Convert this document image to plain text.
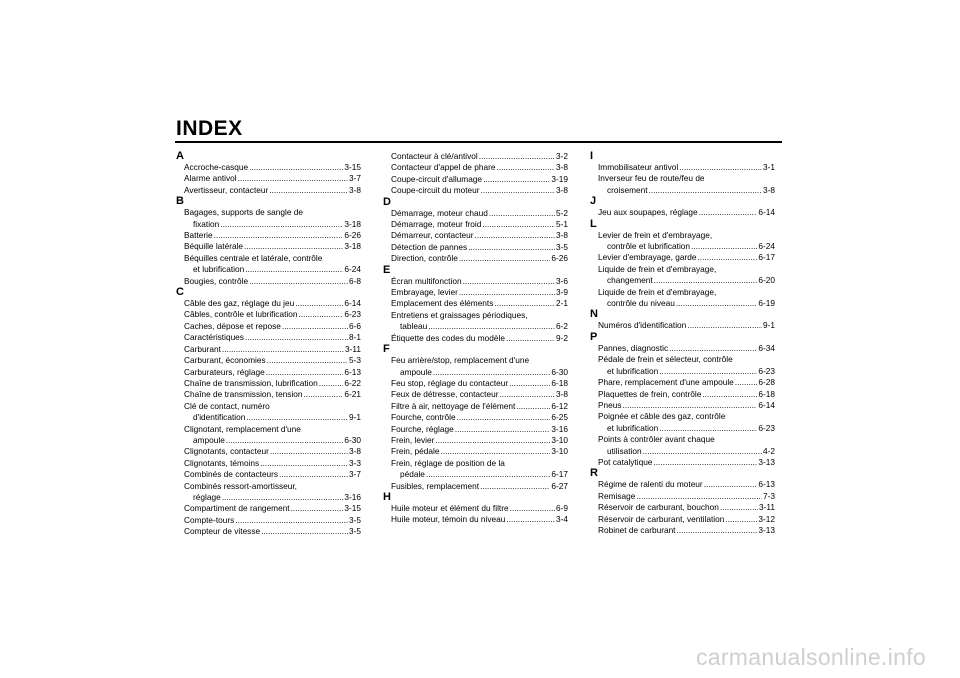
INDEX
A
Accroche-casque .....	3-15
Alarme antivol .....	3-7
Avertisseur, contacteur .....	3-8
B
Bagages, supports de sangle de
fixation .....	3-18
Batterie .....	6-26
Béquille latérale .....	3-18
Béquilles centrale et latérale, contrôle
et lubrification .....	6-24
Bougies, contrôle .....	6-8
C
Câble des gaz, réglage du jeu .....	6-14
Câbles, contrôle et lubrification .....	6-23
Caches, dépose et repose .....	6-6
Caractéristiques .....	8-1
Carburant .....	3-11
Carburant, économies .....	5-3
Carburateurs, réglage .....	6-13
Chaîne de transmission, lubrification .....	6-22
Chaîne de transmission, tension .....	6-21
Clé de contact, numéro
d'identification .....	9-1
Clignotant, remplacement d'une
ampoule .....	6-30
Clignotants, contacteur .....	3-8
Clignotants, témoins .....	3-3
Combinés de contacteurs .....	3-7
Combinés ressort-amortisseur,
réglage .....	3-16
Compartiment de rangement .....	3-15
Compte-tours .....	3-5
Compteur de vitesse .....	3-5
Contacteur à clé/antivol .....	3-2
Contacteur d'appel de phare .....	3-8
Coupe-circuit d'allumage .....	3-19
Coupe-circuit du moteur .....	3-8
D
Démarrage, moteur chaud .....	5-2
Démarrage, moteur froid .....	5-1
Démarreur, contacteur .....	3-8
Détection de pannes .....	3-5
Direction, contrôle .....	6-26
E
Écran multifonction .....	3-6
Embrayage, levier .....	3-9
Emplacement des éléments .....	2-1
Entretiens et graissages périodiques,
tableau .....	6-2
Étiquette des codes du modèle .....	9-2
F
Feu arrière/stop, remplacement d'une
ampoule .....	6-30
Feu stop, réglage du contacteur .....	6-18
Feux de détresse, contacteur .....	3-8
Filtre à air, nettoyage de l'élément .....	6-12
Fourche, contrôle .....	6-25
Fourche, réglage .....	3-16
Frein, levier .....	3-10
Frein, pédale .....	3-10
Frein, réglage de position de la
pédale .....	6-17
Fusibles, remplacement .....	6-27
H
Huile moteur et élément du filtre .....	6-9
Huile moteur, témoin du niveau .....	3-4
I
Immobilisateur antivol .....	3-1
Inverseur feu de route/feu de
croisement .....	3-8
J
Jeu aux soupapes, réglage .....	6-14
L
Levier de frein et d'embrayage,
contrôle et lubrification .....	6-24
Levier d'embrayage, garde .....	6-17
Liquide de frein et d'embrayage,
changement .....	6-20
Liquide de frein et d'embrayage,
contrôle du niveau .....	6-19
N
Numéros d'identification .....	9-1
P
Pannes, diagnostic .....	6-34
Pédale de frein et sélecteur, contrôle
et lubrification .....	6-23
Phare, remplacement d'une ampoule .....	6-28
Plaquettes de frein, contrôle .....	6-18
Pneus .....	6-14
Poignée et câble des gaz, contrôle
et lubrification .....	6-23
Points à contrôler avant chaque
utilisation .....	4-2
Pot catalytique .....	3-13
R
Régime de ralenti du moteur .....	6-13
Remisage .....	7-3
Réservoir de carburant, bouchon .....	3-11
Réservoir de carburant, ventilation .....	3-12
Robinet de carburant .....	3-13
carmanualsonline.info
